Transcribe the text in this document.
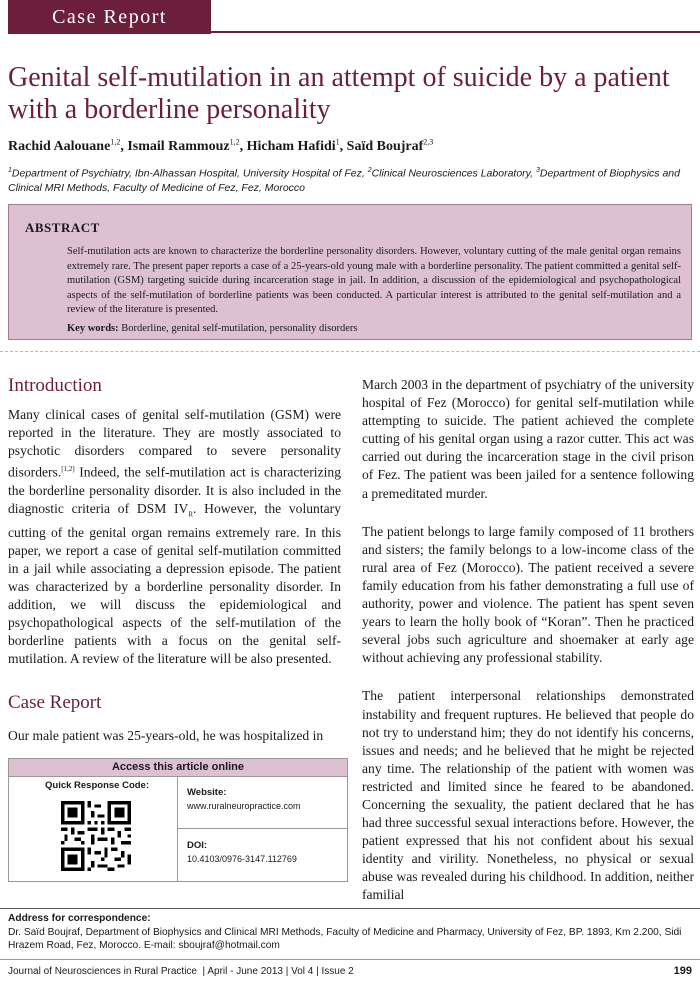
Case Report
Genital self-mutilation in an attempt of suicide by a patient with a borderline personality
Rachid Aalouane$^{1,2}$, Ismail Rammouz$^{1,2}$, Hicham Hafidi$^1$, Saïd Boujraf$^{2,3}$
$^1$Department of Psychiatry, Ibn-Alhassan Hospital, University Hospital of Fez, $^2$Clinical Neurosciences Laboratory, $^3$Department of Biophysics and Clinical MRI Methods, Faculty of Medicine of Fez, Fez, Morocco
ABSTRACT
Self-mutilation acts are known to characterize the borderline personality disorders. However, voluntary cutting of the male genital organ remains extremely rare. The present paper reports a case of a 25-years-old young male with a borderline personality. The patient committed a genital self-mutilation (GSM) targeting suicide during incarceration stage in jail. In addition, a discussion of the epidemiological and psychopathological aspects of the self-mutilation of borderline patients was been conducted. A particular interest is attributed to the genital self-mutilation and a review of the literature is presented.
Key words: Borderline, genital self-mutilation, personality disorders
Introduction

Many clinical cases of genital self-mutilation (GSM) were reported in the literature. They are mostly associated to psychotic disorders compared to severe personality disorders.[1,2] Indeed, the self-mutilation act is characterizing the borderline personality disorder. It is also included in the diagnostic criteria of DSM $IV_R$. However, the voluntary cutting of the genital organ remains extremely rare. In this paper, we report a case of genital self-mutilation committed in a jail while associating a depression episode. The patient was characterized by a borderline personality disorder. In addition, we will discuss the epidemiological and psychopathological aspects of the self-mutilation of the borderline patients with a focus on the genital self-mutilation. A review of the literature will be also presented.

Case Report

Our male patient was 25-years-old, he was hospitalized in

March 2003 in the department of psychiatry of the university hospital of Fez (Morocco) for genital self-mutilation while attempting to suicide. The patient achieved the complete cutting of his genital organ using a razor cutter. This act was carried out during the incarceration stage in the civil prison of Fez. The patient was been jailed for a sentence following a premeditated murder.

The patient belongs to large family composed of 11 brothers and sisters; the family belongs to a low-income class of the rural area of Fez (Morocco). The patient received a severe family education from his father demonstrating a full use of authority, power and violence. The patient has spent seven years to learn the holly book of “Koran”. Then he practiced several jobs such agriculture and shoemaker at early age without achieving any professional stability.

The patient interpersonal relationships demonstrated instability and frequent ruptures. He believed that people do not try to understand him; they do not identify his concerns, issues and needs; and he believed that he might be rejected any time. The relationship of the patient with women was restricted and limited since he feared to be abandoned. Concerning the sexuality, the patient declared that he has had three successful sexual interactions before. However, the patient expressed that his not confident about his sexual identity and virility. Nonetheless, no physical or sexual abuse was revealed during his childhood. In addition, neither familial

Access this article online
Quick Response Code:
Website:
www.ruralneuropractice.com
DOI:
10.4103/0976-3147.112769
Address for correspondence:
Dr. Saïd Boujraf, Department of Biophysics and Clinical MRI Methods, Faculty of Medicine and Pharmacy, University of Fez, BP. 1893, Km 2.200, Sidi Hrazem Road, Fez, Morocco. E-mail: sboujraf@hotmail.com
Journal of Neurosciences in Rural Practice  | April - June 2013 | Vol 4 | Issue 2	199
